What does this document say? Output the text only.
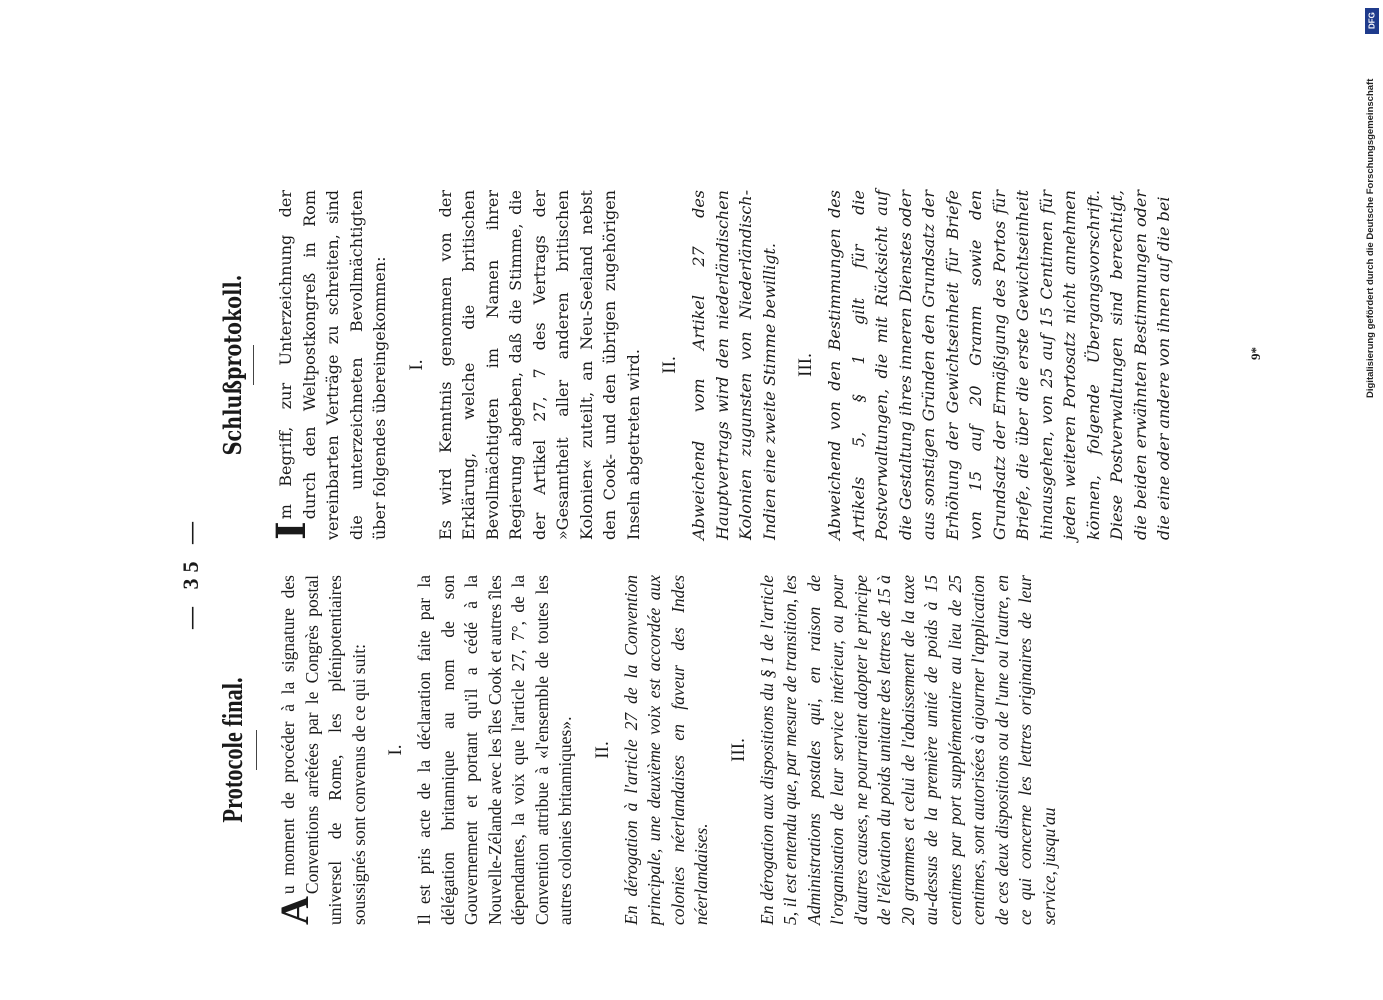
— 35 —
Protocole final.

A
u moment de procéder à la signature des Conventions arrêtées par le Congrès postal universel de Rome, les plénipotentiaires soussignés sont convenus de ce qui suit: I. Il est pris acte de la déclaration faite par la délégation britannique au nom de son Gouvernement et portant qu'il a cédé à la Nouvelle-Zélande avec les îles Cook et autres îles dépendantes, la voix que l'article 27, 7°, de la Convention attribue à «l'ensemble de toutes les autres colonies britanniques». II. En dérogation à l'article 27 de la Convention principale, une deuxième voix est accordée aux colonies néerlandaises en faveur des Indes néerlandaises.

III. En dérogation aux dispositions du § 1 de l'article 5, il est entendu que, par mesure de transition, les Administrations postales qui, en raison de l'organisation de leur service intérieur, ou pour d'autres causes, ne pourraient adopter le principe de l'élévation du poids unitaire des lettres de 15 à 20 grammes et celui de l'abaissement de la taxe au-dessus de la première unité de poids à 15 centimes par port supplémentaire au lieu de 25 centimes, sont autorisées à ajourner l'application de ces deux dispositions ou de l'une ou l'autre, en ce qui concerne les lettres originaires de leur service, jusqu'au

Schlußprotokoll.

I
m Begriff, zur Unterzeichnung der durch den Weltpostkongreß in Rom vereinbarten Verträge zu schreiten, sind die unterzeichneten Bevollmächtigten über folgendes übereingekommen: I. Es wird Kenntnis genommen von der Erklärung, welche die britischen Bevollmächtigten im Namen ihrer Regierung abgeben, daß die Stimme, die der Artikel 27, 7 des Vertrags der »Gesamtheit aller anderen britischen Kolonien« zuteilt, an Neu-Seeland nebst den Cook- und den übrigen zugehörigen Inseln abgetreten wird. II. Abweichend vom Artikel 27 des Hauptvertrags wird den niederländischen Kolonien zugunsten von Niederländisch-Indien eine zweite Stimme bewilligt. III. Abweichend von den Bestimmungen des Artikels 5, § 1 gilt für die Postverwaltungen, die mit Rücksicht auf die Gestaltung ihres inneren Dienstes oder aus sonstigen Gründen den Grundsatz der Erhöhung der Gewichtseinheit für Briefe von 15 auf 20 Gramm sowie den Grundsatz der Ermäßigung des Portos für Briefe, die über die erste Gewichtseinheit hinausgehen, von 25 auf 15 Centimen für jeden weiteren Portosatz nicht annehmen können, folgende Übergangsvorschrift. Diese Postverwaltungen sind berechtigt, die beiden erwähnten Bestimmungen oder die eine oder andere von ihnen auf die bei	9*
DFG
Digitalisierung gefördert durch die Deutsche Forschungsgemeinschaft
